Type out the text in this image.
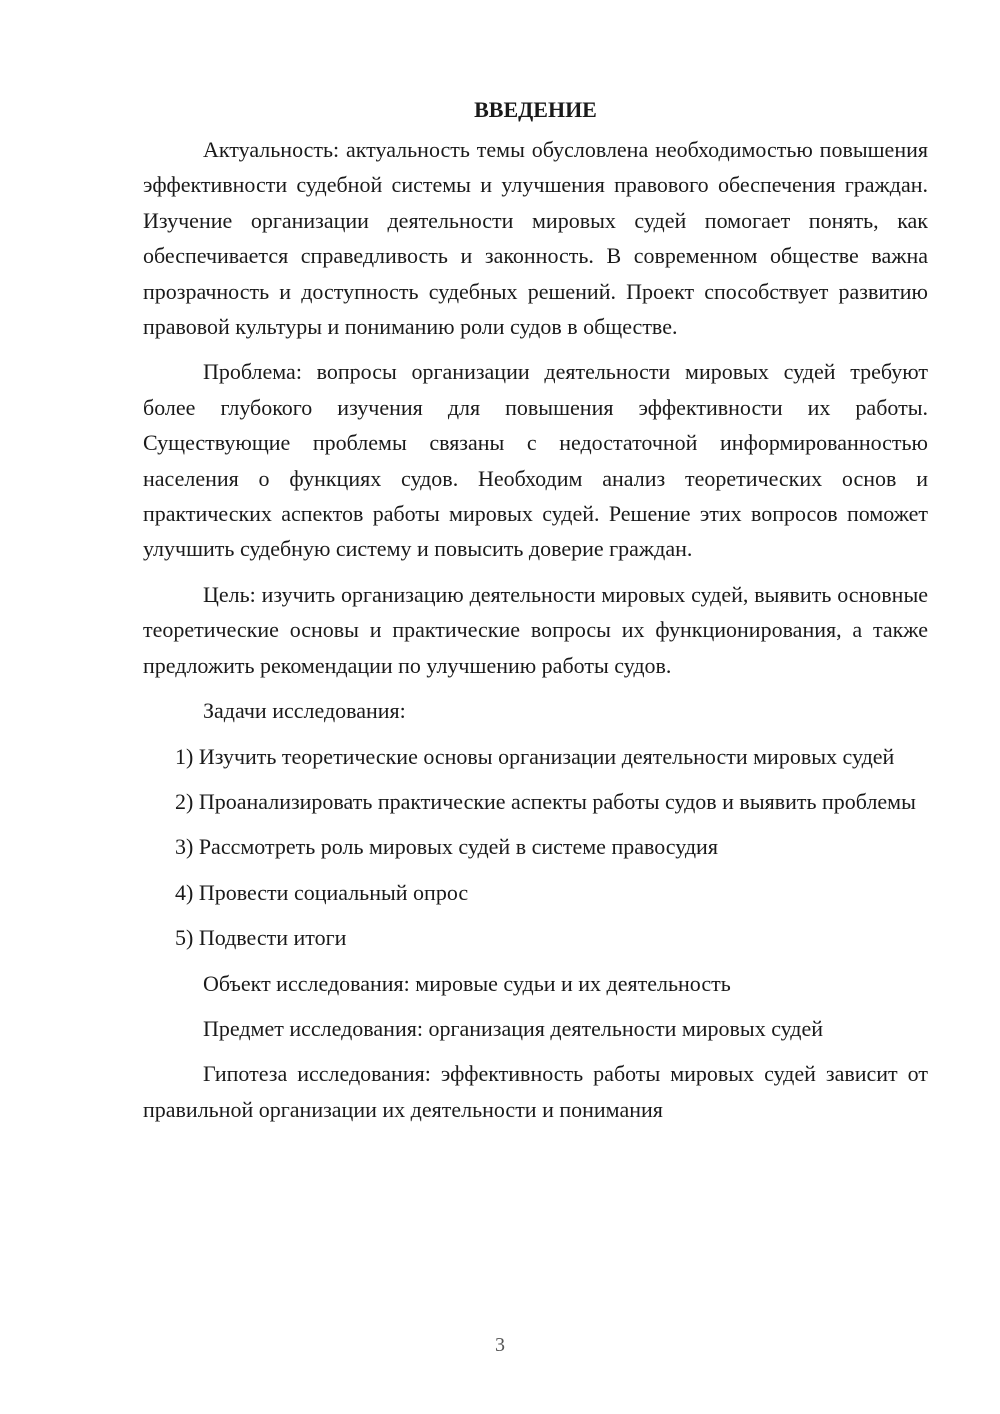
ВВЕДЕНИЕ

Актуальность: актуальность темы обусловлена необходимостью повышения эффективности судебной системы и улучшения правового обеспечения граждан. Изучение организации деятельности мировых судей помогает понять, как обеспечивается справедливость и законность. В современном обществе важна прозрачность и доступность судебных решений. Проект способствует развитию правовой культуры и пониманию роли судов в обществе.

Проблема: вопросы организации деятельности мировых судей требуют более глубокого изучения для повышения эффективности их работы. Существующие проблемы связаны с недостаточной информированностью населения о функциях судов. Необходим анализ теоретических основ и практических аспектов работы мировых судей. Решение этих вопросов поможет улучшить судебную систему и повысить доверие граждан.

Цель: изучить организацию деятельности мировых судей, выявить основные теоретические основы и практические вопросы их функционирования, а также предложить рекомендации по улучшению работы судов.

Задачи исследования:

1) Изучить теоретические основы организации деятельности мировых судей

2) Проанализировать практические аспекты работы судов и выявить проблемы

3) Рассмотреть роль мировых судей в системе правосудия

4) Провести социальный опрос

5) Подвести итоги

Объект исследования: мировые судьи и их деятельность

Предмет исследования: организация деятельности мировых судей

Гипотеза исследования: эффективность работы мировых судей зависит от правильной организации их деятельности и понимания

3
